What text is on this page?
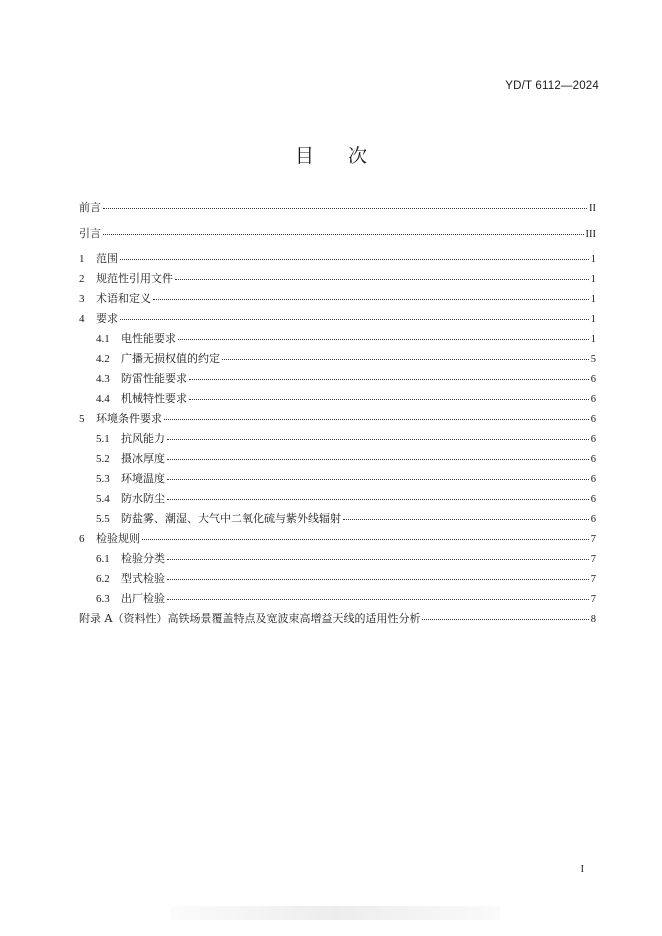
YD/T 6112—2024
目 次
前言	II
引言	III
1	范围	1
2	规范性引用文件	1
3	术语和定义	1
4	要求	1
4.1	电性能要求	1
4.2	广播无损权值的约定	5
4.3	防雷性能要求	6
4.4	机械特性要求	6
5	环境条件要求	6
5.1	抗风能力	6
5.2	摄冰厚度	6
5.3	环境温度	6
5.4	防水防尘	6
5.5	防盐雾、潮湿、大气中二氧化硫与紫外线辐射	6
6	检验规则	7
6.1	检验分类	7
6.2	型式检验	7
6.3	出厂检验	7
附录 A（资料性）高铁场景覆盖特点及宽波束高增益天线的适用性分析	8
I
